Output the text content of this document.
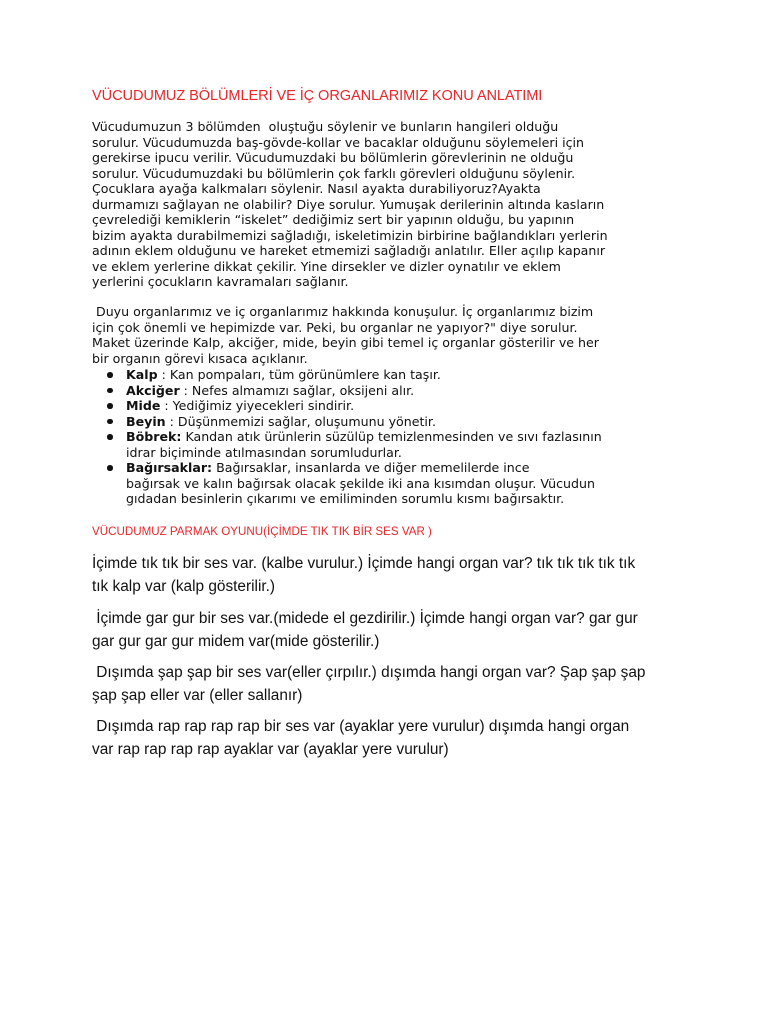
VÜCUDUMUZ BÖLÜMLERİ VE İÇ ORGANLARIMIZ KONU ANLATIMI

Vücudumuzun 3 bölümden  oluştuğu söylenir ve bunların hangileri olduğu
sorulur. Vücudumuzda baş-gövde-kollar ve bacaklar olduğunu söylemeleri için
gerekirse ipucu verilir. Vücudumuzdaki bu bölümlerin görevlerinin ne olduğu
sorulur. Vücudumuzdaki bu bölümlerin çok farklı görevleri olduğunu söylenir.
Çocuklara ayağa kalkmaları söylenir. Nasıl ayakta durabiliyoruz?Ayakta
durmamızı sağlayan ne olabilir? Diye sorulur. Yumuşak derilerinin altında kasların
çevrelediği kemiklerin “iskelet” dediğimiz sert bir yapının olduğu, bu yapının
bizim ayakta durabilmemizi sağladığı, iskeletimizin birbirine bağlandıkları yerlerin
adının eklem olduğunu ve hareket etmemizi sağladığı anlatılır. Eller açılıp kapanır
ve eklem yerlerine dikkat çekilir. Yine dirsekler ve dizler oynatılır ve eklem
yerlerini çocukların kavramaları sağlanır.

Duyu organlarımız ve iç organlarımız hakkında konuşulur. İç organlarımız bizim
için çok önemli ve hepimizde var. Peki, bu organlar ne yapıyor?" diye sorulur.
Maket üzerinde Kalp, akciğer, mide, beyin gibi temel iç organlar gösterilir ve her
bir organın görevi kısaca açıklanır.

Kalp : Kan pompaları, tüm görünümlere kan taşır.
Akciğer : Nefes almamızı sağlar, oksijeni alır.
Mide : Yediğimiz yiyecekleri sindirir.
Beyin : Düşünmemizi sağlar, oluşumunu yönetir.
Böbrek: Kandan atık ürünlerin süzülüp temizlenmesinden ve sıvı fazlasının
idrar biçiminde atılmasından sorumludurlar.
Bağırsaklar: Bağırsaklar, insanlarda ve diğer memelilerde ince
bağırsak ve kalın bağırsak olacak şekilde iki ana kısımdan oluşur. Vücudun
gıdadan besinlerin çıkarımı ve emiliminden sorumlu kısmı bağırsaktır.
VÜCUDUMUZ PARMAK OYUNU(İÇİMDE TIK TIK BİR SES VAR )

İçimde tık tık bir ses var. (kalbe vurulur.) İçimde hangi organ var? tık tık tık tık tık
tık kalp var (kalp gösterilir.)

İçimde gar gur bir ses var.(midede el gezdirilir.) İçimde hangi organ var? gar gur
gar gur gar gur midem var(mide gösterilir.)

Dışımda şap şap bir ses var(eller çırpılır.) dışımda hangi organ var? Şap şap şap
şap şap eller var (eller sallanır)

Dışımda rap rap rap rap bir ses var (ayaklar yere vurulur) dışımda hangi organ
var rap rap rap rap ayaklar var (ayaklar yere vurulur)
